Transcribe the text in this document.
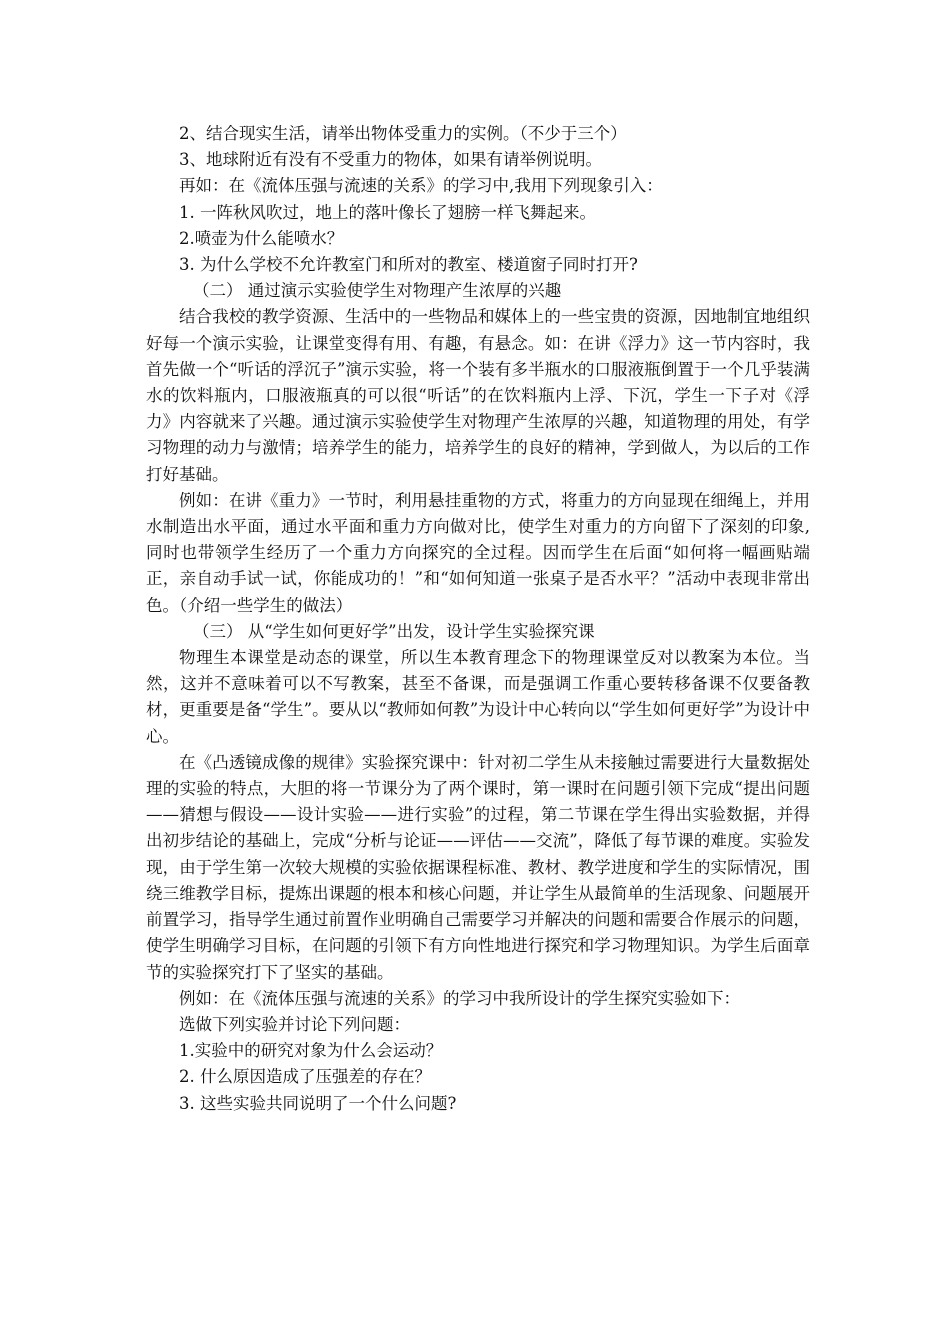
2、结合现实生活，请举出物体受重力的实例。（不少于三个）

3、地球附近有没有不受重力的物体，如果有请举例说明。

再如：在《流体压强与流速的关系》的学习中,我用下列现象引入：

1. 一阵秋风吹过，地上的落叶像长了翅膀一样飞舞起来。

2.喷壶为什么能喷水？

3. 为什么学校不允许教室门和所对的教室、楼道窗子同时打开?

（二） 通过演示实验使学生对物理产生浓厚的兴趣

结合我校的教学资源、生活中的一些物品和媒体上的一些宝贵的资源，因地制宜地组织好每一个演示实验，让课堂变得有用、有趣，有悬念。如：在讲《浮力》这一节内容时，我首先做一个“听话的浮沉子”演示实验，将一个装有多半瓶水的口服液瓶倒置于一个几乎装满水的饮料瓶内，口服液瓶真的可以很“听话”的在饮料瓶内上浮、下沉，学生一下子对《浮力》内容就来了兴趣。通过演示实验使学生对物理产生浓厚的兴趣，知道物理的用处，有学习物理的动力与激情；培养学生的能力，培养学生的良好的精神，学到做人，为以后的工作打好基础。

例如：在讲《重力》一节时，利用悬挂重物的方式，将重力的方向显现在细绳上，并用水制造出水平面，通过水平面和重力方向做对比，使学生对重力的方向留下了深刻的印象,同时也带领学生经历了一个重力方向探究的全过程。因而学生在后面“如何将一幅画贴端正，亲自动手试一试，你能成功的！”和“如何知道一张桌子是否水平？”活动中表现非常出色。（介绍一些学生的做法）

（三） 从“学生如何更好学”出发，设计学生实验探究课

物理生本课堂是动态的课堂，所以生本教育理念下的物理课堂反对以教案为本位。当然，这并不意味着可以不写教案，甚至不备课，而是强调工作重心要转移备课不仅要备教材，更重要是备“学生”。要从以“教师如何教”为设计中心转向以“学生如何更好学”为设计中心。

在《凸透镜成像的规律》实验探究课中：针对初二学生从未接触过需要进行大量数据处理的实验的特点，大胆的将一节课分为了两个课时，第一课时在问题引领下完成“提出问题——猜想与假设——设计实验——进行实验”的过程，第二节课在学生得出实验数据，并得出初步结论的基础上，完成“分析与论证——评估——交流”，降低了每节课的难度。实验发现，由于学生第一次较大规模的实验依据课程标准、教材、教学进度和学生的实际情况，围绕三维教学目标，提炼出课题的根本和核心问题，并让学生从最简单的生活现象、问题展开前置学习，指导学生通过前置作业明确自己需要学习并解决的问题和需要合作展示的问题，使学生明确学习目标，在问题的引领下有方向性地进行探究和学习物理知识。为学生后面章节的实验探究打下了坚实的基础。

例如：在《流体压强与流速的关系》的学习中我所设计的学生探究实验如下：

选做下列实验并讨论下列问题：

1.实验中的研究对象为什么会运动？

2. 什么原因造成了压强差的存在？

3. 这些实验共同说明了一个什么问题?
